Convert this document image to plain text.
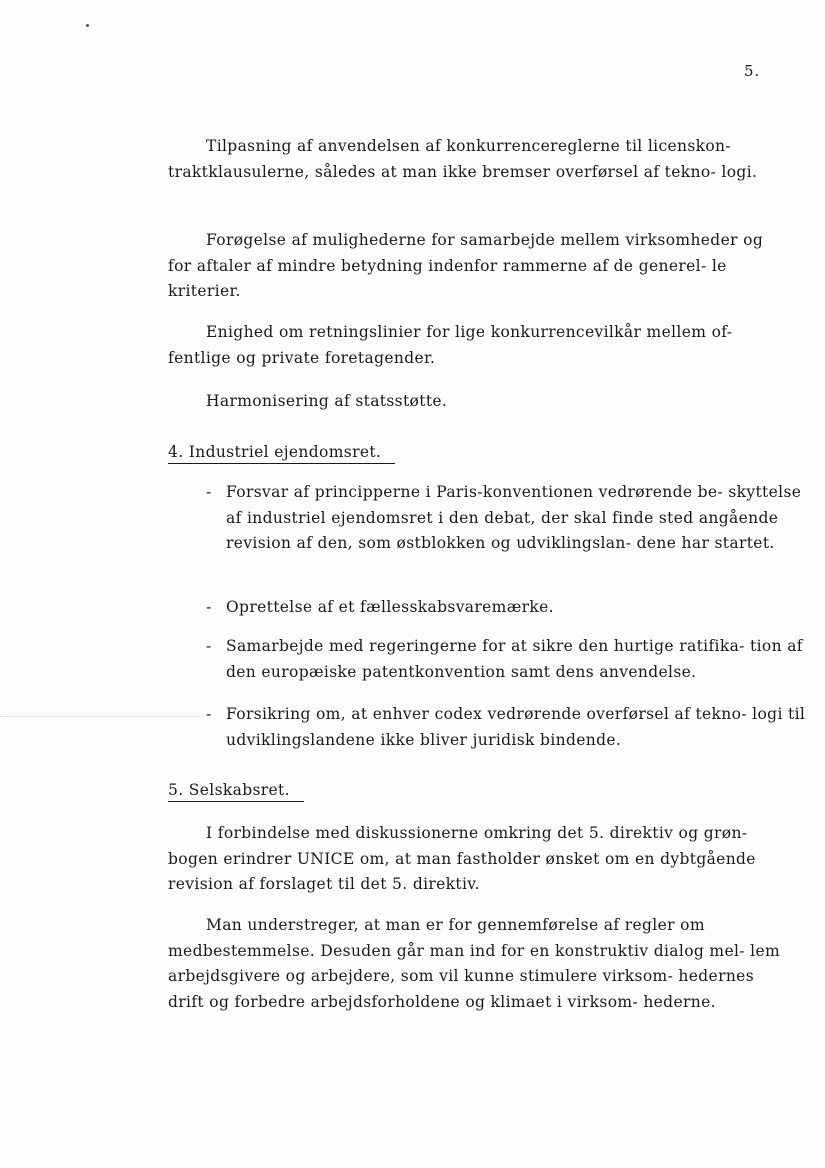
5.

Tilpasning af anvendelsen af konkurrencereglerne til licenskon- traktklausulerne, således at man ikke bremser overførsel af tekno- logi.

Forøgelse af mulighederne for samarbejde mellem virksomheder og for aftaler af mindre betydning indenfor rammerne af de generel- le kriterier.

Enighed om retningslinier for lige konkurrencevilkår mellem of- fentlige og private foretagender.

Harmonisering af statsstøtte.

4. Industriel ejendomsret.

- Forsvar af principperne i Paris-konventionen vedrørende be- skyttelse af industriel ejendomsret i den debat, der skal finde sted angående revision af den, som østblokken og udviklingslan- dene har startet.

- Oprettelse af et fællesskabsvaremærke.

- Samarbejde med regeringerne for at sikre den hurtige ratifika- tion af den europæiske patentkonvention samt dens anvendelse.

- Forsikring om, at enhver codex vedrørende overførsel af tekno- logi til udviklingslandene ikke bliver juridisk bindende.

5. Selskabsret.

I forbindelse med diskussionerne omkring det 5. direktiv og grøn- bogen erindrer UNICE om, at man fastholder ønsket om en dybtgående revision af forslaget til det 5. direktiv.

Man understreger, at man er for gennemførelse af regler om medbestemmelse. Desuden går man ind for en konstruktiv dialog mel- lem arbejdsgivere og arbejdere, som vil kunne stimulere virksom- hedernes drift og forbedre arbejdsforholdene og klimaet i virksom- hederne.
